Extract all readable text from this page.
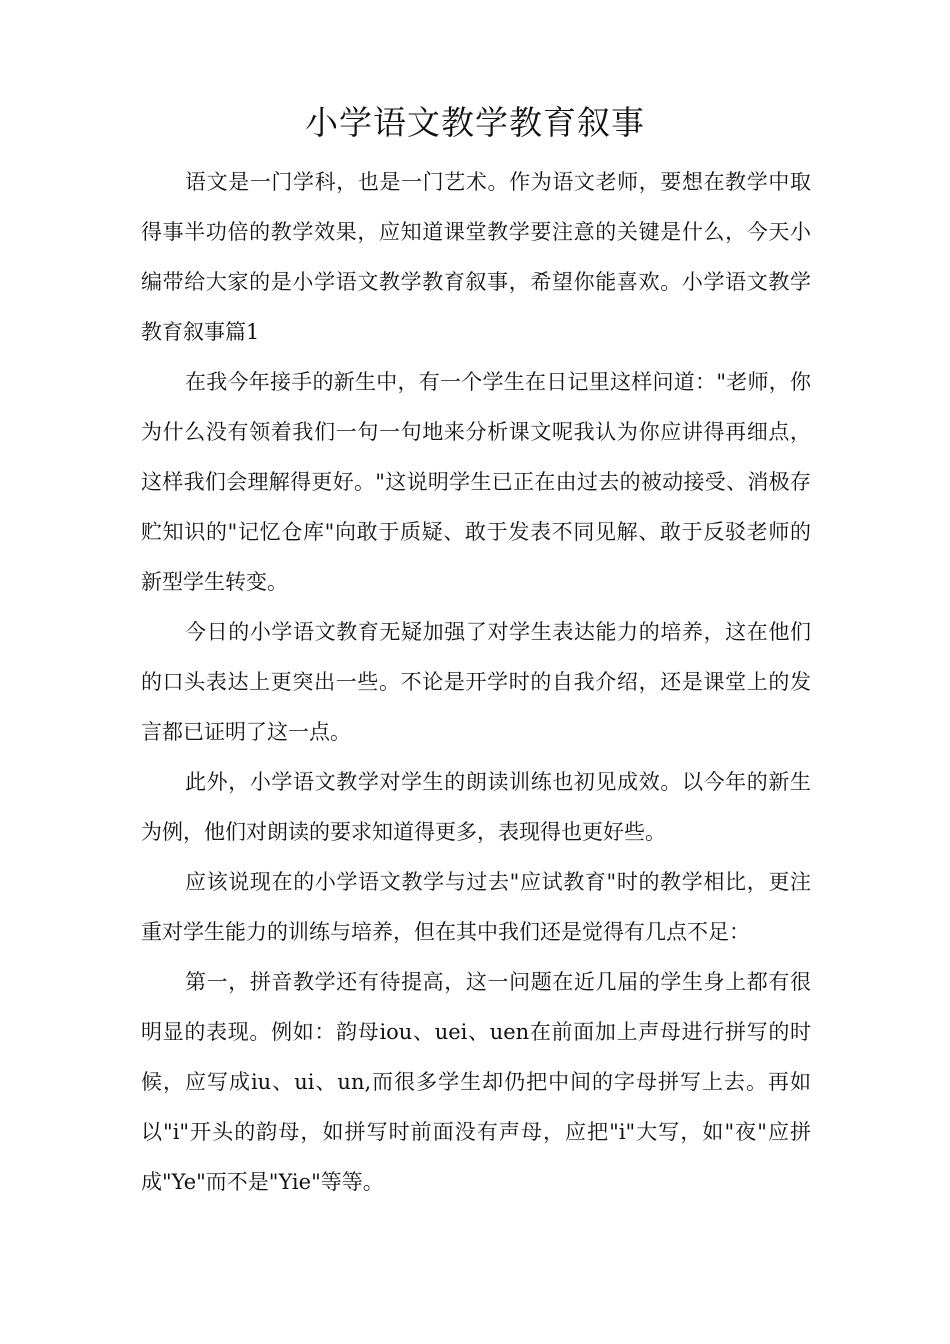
小学语文教学教育叙事

语文是一门学科，也是一门艺术。作为语文老师，要想在教学中取得事半功倍的教学效果，应知道课堂教学要注意的关键是什么，今天小编带给大家的是小学语文教学教育叙事，希望你能喜欢。小学语文教学教育叙事篇1

在我今年接手的新生中，有一个学生在日记里这样问道："老师，你为什么没有领着我们一句一句地来分析课文呢我认为你应讲得再细点，这样我们会理解得更好。"这说明学生已正在由过去的被动接受、消极存贮知识的"记忆仓库"向敢于质疑、敢于发表不同见解、敢于反驳老师的新型学生转变。

今日的小学语文教育无疑加强了对学生表达能力的培养，这在他们的口头表达上更突出一些。不论是开学时的自我介绍，还是课堂上的发言都已证明了这一点。

此外，小学语文教学对学生的朗读训练也初见成效。以今年的新生为例，他们对朗读的要求知道得更多，表现得也更好些。

应该说现在的小学语文教学与过去"应试教育"时的教学相比，更注重对学生能力的训练与培养，但在其中我们还是觉得有几点不足：

第一，拼音教学还有待提高，这一问题在近几届的学生身上都有很明显的表现。例如：韵母iou、uei、uen在前面加上声母进行拼写的时候，应写成iu、ui、un,而很多学生却仍把中间的字母拼写上去。再如以"i"开头的韵母，如拼写时前面没有声母，应把"i"大写，如"夜"应拼成"Ye"而不是"Yie"等等。
